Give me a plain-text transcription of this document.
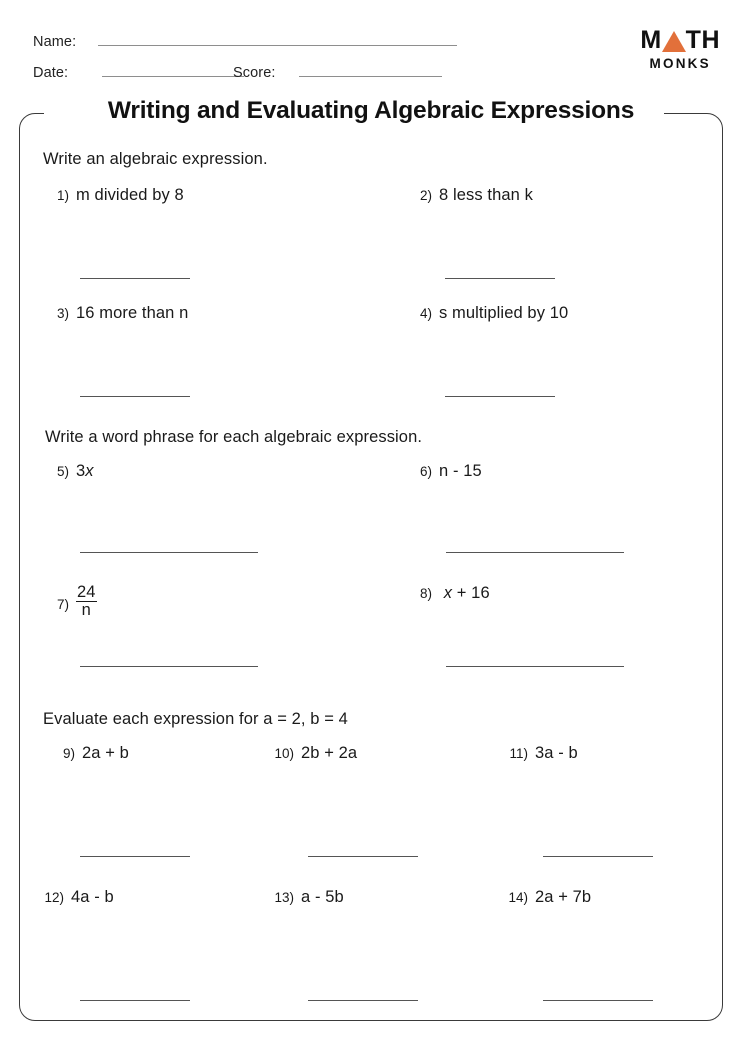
Name:
Date:	Score:
M TH
MONKS
Writing and Evaluating Algebraic Expressions
Write an algebraic expression.
1) m divided by 8	2) 8 less than k
3) 16 more than n	4) s multiplied by 10
Write a word phrase for each algebraic expression.
5) 3x	6) n - 15
$7) \frac{24}{n}$	8) x + 16
Evaluate each expression for a = 2, b = 4
9) 2a + b	10) 2b + 2a	11) 3a - b
12) 4a - b	13) a - 5b	14) 2a + 7b
